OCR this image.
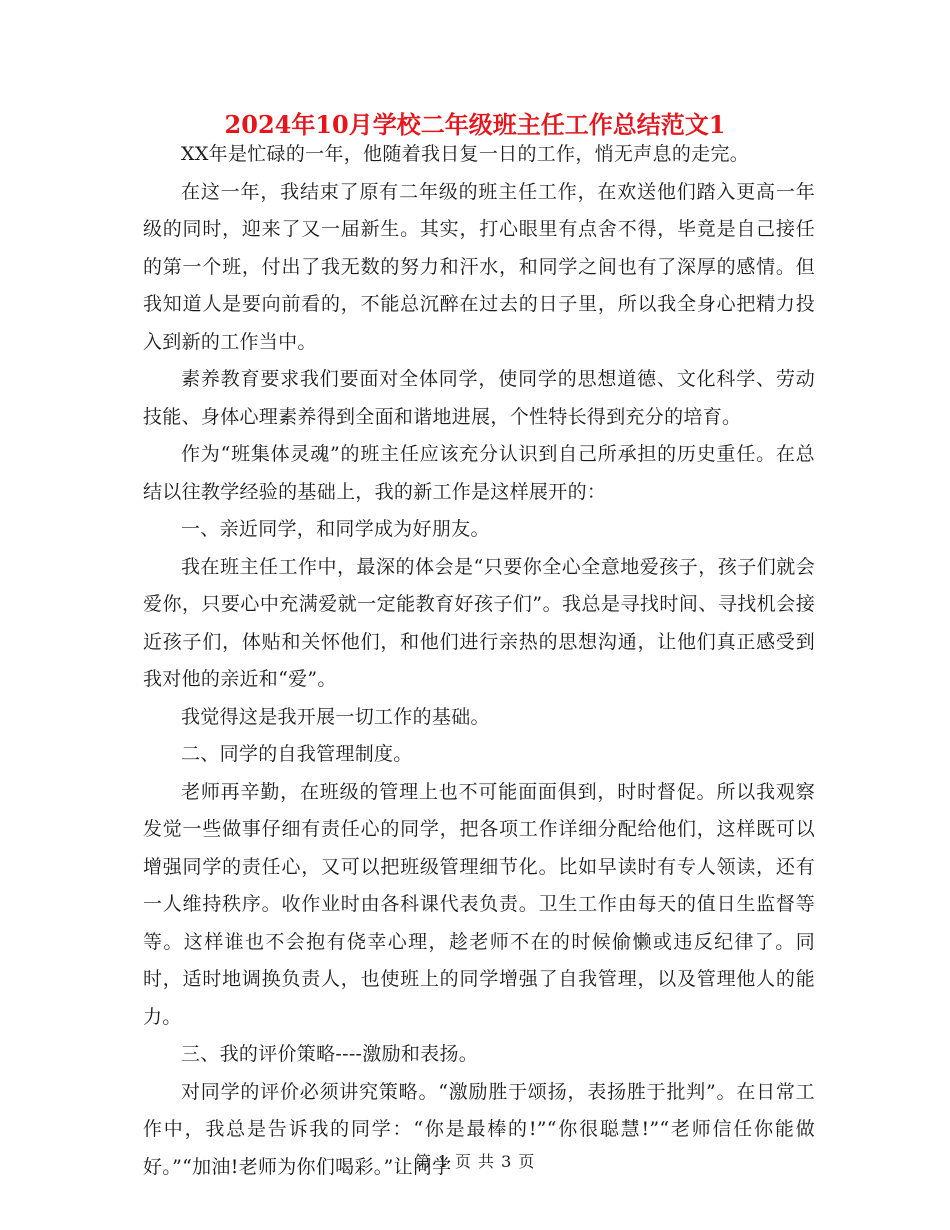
2024年10月学校二年级班主任工作总结范文1

XX年是忙碌的一年，他随着我日复一日的工作，悄无声息的走完。

在这一年，我结束了原有二年级的班主任工作，在欢送他们踏入更高一年级的同时，迎来了又一届新生。其实，打心眼里有点舍不得，毕竟是自己接任的第一个班，付出了我无数的努力和汗水，和同学之间也有了深厚的感情。但我知道人是要向前看的，不能总沉醉在过去的日子里，所以我全身心把精力投入到新的工作当中。

素养教育要求我们要面对全体同学，使同学的思想道德、文化科学、劳动技能、身体心理素养得到全面和谐地进展，个性特长得到充分的培育。

作为“班集体灵魂”的班主任应该充分认识到自己所承担的历史重任。在总结以往教学经验的基础上，我的新工作是这样展开的：

一、亲近同学，和同学成为好朋友。

我在班主任工作中，最深的体会是“只要你全心全意地爱孩子，孩子们就会爱你，只要心中充满爱就一定能教育好孩子们”。我总是寻找时间、寻找机会接近孩子们，体贴和关怀他们，和他们进行亲热的思想沟通，让他们真正感受到我对他的亲近和“爱”。

我觉得这是我开展一切工作的基础。

二、同学的自我管理制度。

老师再辛勤，在班级的管理上也不可能面面俱到，时时督促。所以我观察发觉一些做事仔细有责任心的同学，把各项工作详细分配给他们，这样既可以增强同学的责任心，又可以把班级管理细节化。比如早读时有专人领读，还有一人维持秩序。收作业时由各科课代表负责。卫生工作由每天的值日生监督等等。这样谁也不会抱有侥幸心理，趁老师不在的时候偷懒或违反纪律了。同时，适时地调换负责人，也使班上的同学增强了自我管理，以及管理他人的能力。

三、我的评价策略----激励和表扬。

对同学的评价必须讲究策略。“激励胜于颂扬，表扬胜于批判”。在日常工作中，我总是告诉我的同学：“你是最棒的!”“你很聪慧!”“老师信任你能做好。”“加油!老师为你们喝彩。”让同学

第 1 页 共 3 页
